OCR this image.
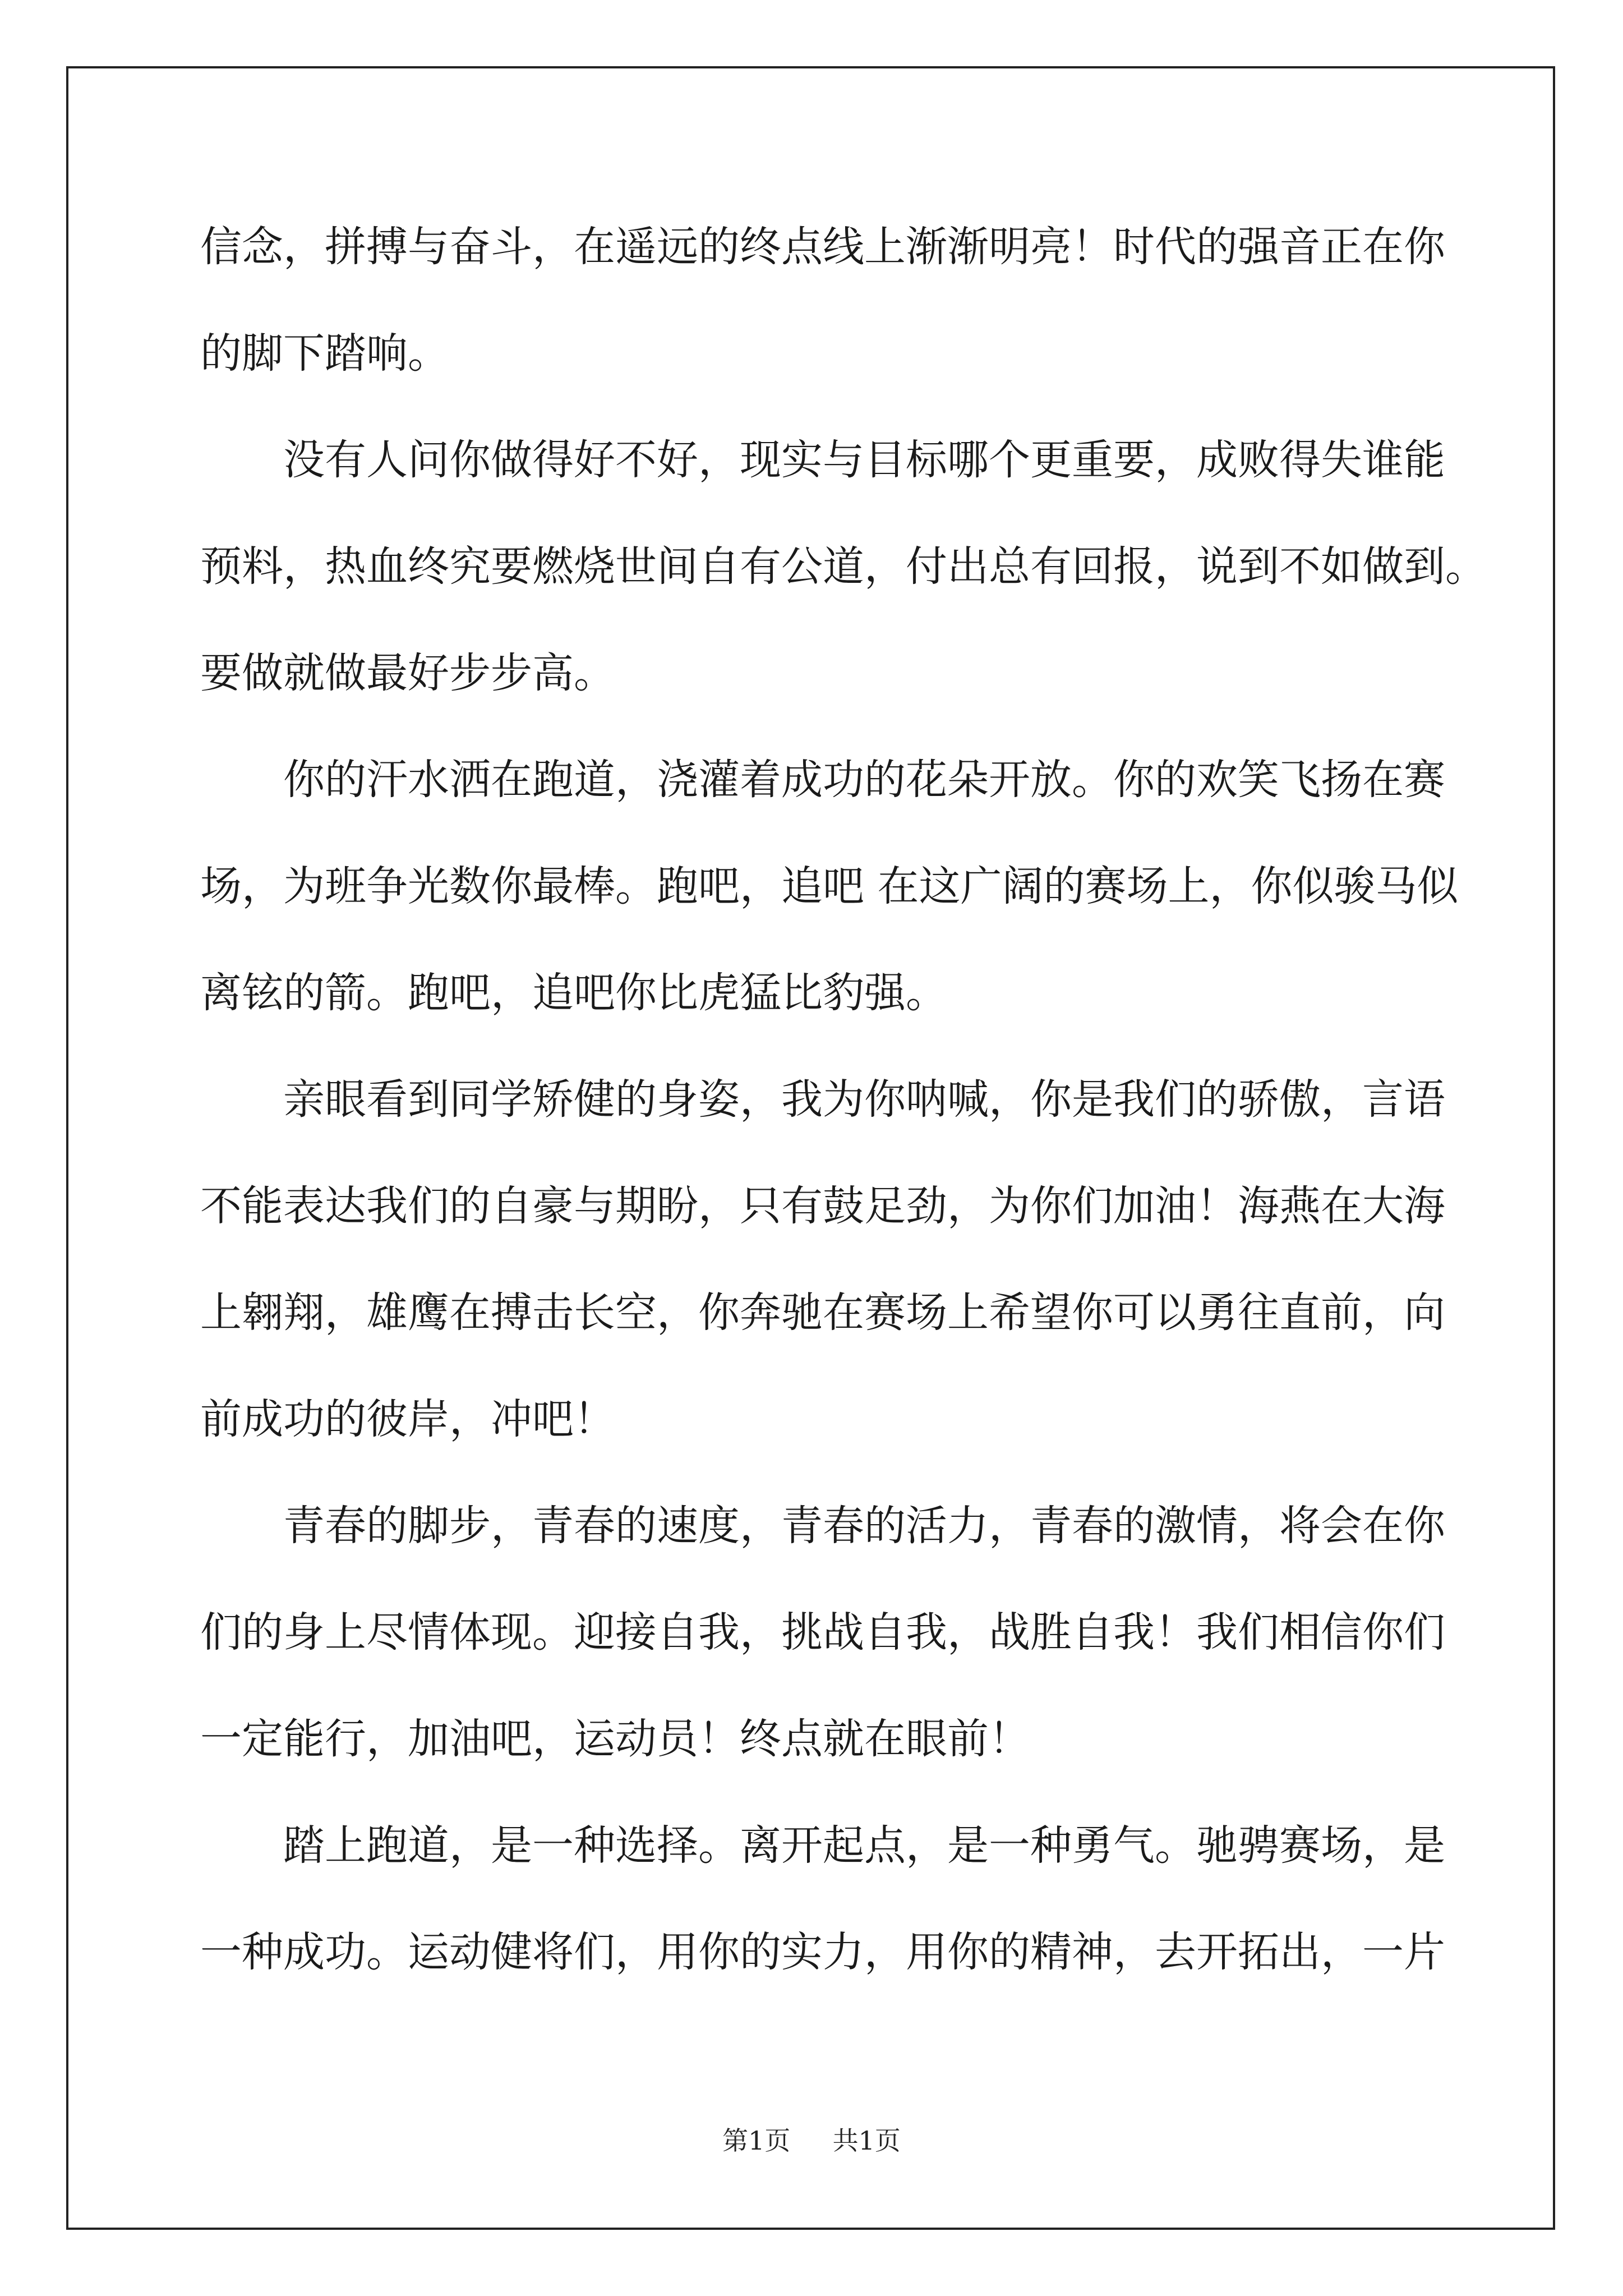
信念，拼搏与奋斗，在遥远的终点线上渐渐明亮！时代的强音正在你
的脚下踏响。
没有人问你做得好不好，现实与目标哪个更重要，成败得失谁能
预料，热血终究要燃烧世间自有公道，付出总有回报，说到不如做到。
要做就做最好步步高。
你的汗水洒在跑道，浇灌着成功的花朵开放。你的欢笑飞扬在赛
场，为班争光数你最棒。跑吧，追吧 在这广阔的赛场上，你似骏马似
离铉的箭。跑吧，追吧你比虎猛比豹强。
亲眼看到同学矫健的身姿，我为你呐喊，你是我们的骄傲，言语
不能表达我们的自豪与期盼，只有鼓足劲，为你们加油！海燕在大海
上翱翔，雄鹰在搏击长空，你奔驰在赛场上希望你可以勇往直前，向
前成功的彼岸，冲吧！
青春的脚步，青春的速度，青春的活力，青春的激情，将会在你
们的身上尽情体现。迎接自我，挑战自我，战胜自我！我们相信你们
一定能行，加油吧，运动员！终点就在眼前！
踏上跑道，是一种选择。离开起点，是一种勇气。驰骋赛场，是
一种成功。运动健将们，用你的实力，用你的精神，去开拓出，一片
第1页 共1页
